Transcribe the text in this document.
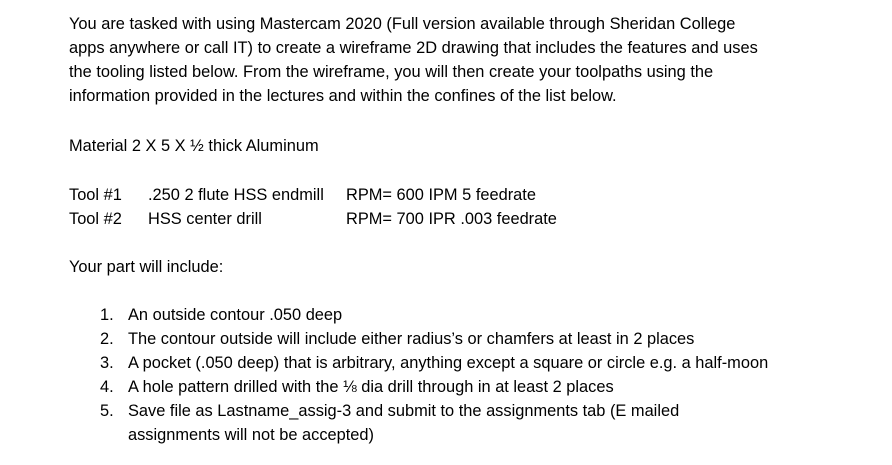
You are tasked with using Mastercam 2020 (Full version available through Sheridan College

apps anywhere or call IT) to create a wireframe 2D drawing that includes the features and uses

the tooling listed below. From the wireframe, you will then create your toolpaths using the

information provided in the lectures and within the confines of the list below.

Material 2 X 5 X ½ thick Aluminum

Tool #1	.250 2 flute HSS endmill	RPM= 600 IPM 5 feedrate
Tool #2	HSS center drill	RPM= 700 IPR .003 feedrate

Your part will include:

1. An outside contour .050 deep
2. The contour outside will include either radius’s or chamfers at least in 2 places
3. A pocket (.050 deep) that is arbitrary, anything except a square or circle e.g. a half-moon
4. A hole pattern drilled with the ⅛ dia drill through in at least 2 places
5. Save file as Lastname_assig-3 and submit to the assignments tab (E mailed assignments will not be accepted)
